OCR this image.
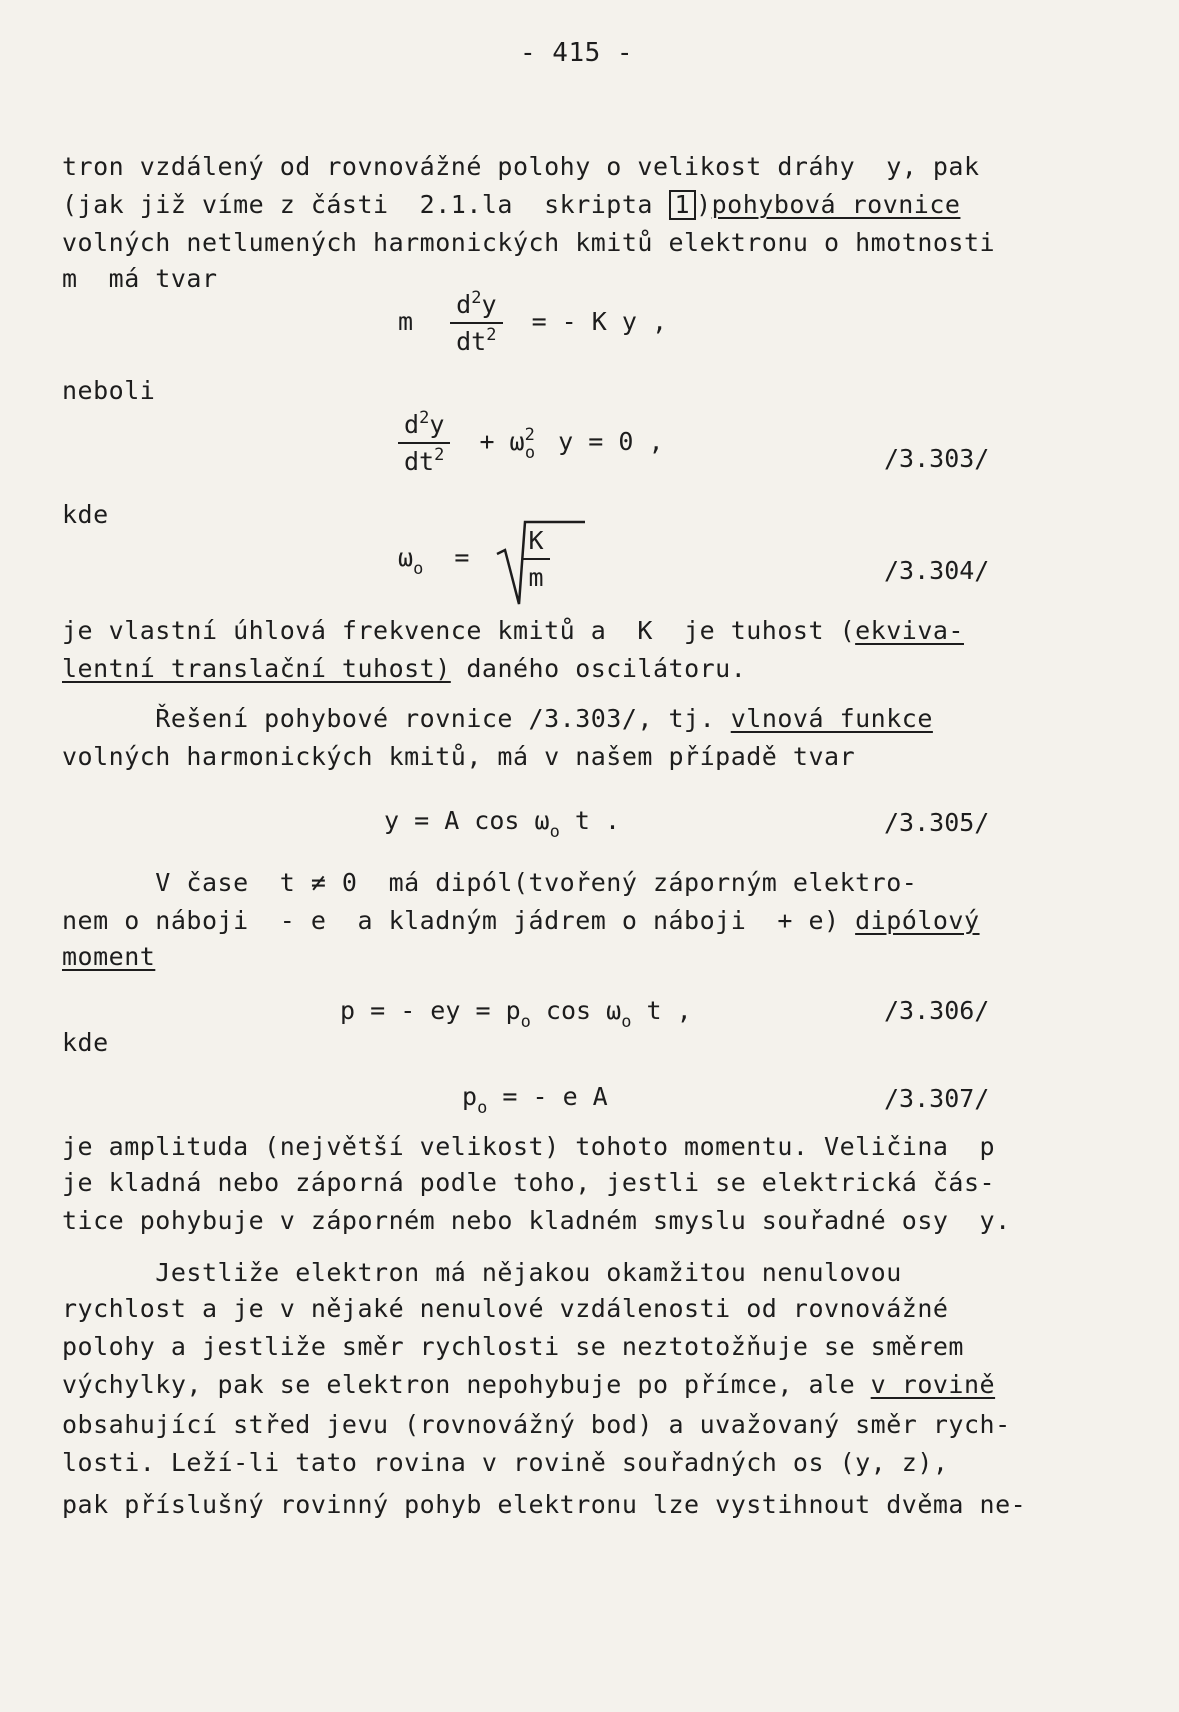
- 415 -
tron vzdálený od rovnovážné polohy o velikost dráhy  y, pak
(jak již víme z části  2.1.la  skripta 1 )pohybová rovnice
volných netlumených harmonických kmitů elektronu o hmotnosti
m  má tvar
m $\frac{d^2y}{dt^2}$ = - K y ,
neboli
$\frac{d^2y}{dt^2} + \omega^2_o$ y = 0 ,
/3.303/
kde
$\omega_o = \frac{K}{m}$	/3.304/
je vlastní úhlová frekvence kmitů a  K  je tuhost (ekviva-
lentní translační tuhost) daného oscilátoru.
Řešení pohybové rovnice /3.303/, tj. vlnová funkce
volných harmonických kmitů, má v našem případě tvar
y = A $\cos \omega_o$ t .	/3.305/
V čase  t ≠ 0  má dipól(tvořený záporným elektro-
nem o náboji  - e  a kladným jádrem o náboji  + e) dipólový
moment
p = - ey = $p_o$ $\cos \omega_o$ t ,	/3.306/
kde
$p_o$ = - e A	/3.307/
je amplituda (největší velikost) tohoto momentu. Veličina  p
je kladná nebo záporná podle toho, jestli se elektrická čás-
tice pohybuje v záporném nebo kladném smyslu souřadné osy  y.
Jestliže elektron má nějakou okamžitou nenulovou
rychlost a je v nějaké nenulové vzdálenosti od rovnovážné
polohy a jestliže směr rychlosti se neztotožňuje se směrem
výchylky, pak se elektron nepohybuje po přímce, ale v rovině
obsahující střed jevu (rovnovážný bod) a uvažovaný směr rych-
losti. Leží-li tato rovina v rovině souřadných os (y, z),
pak příslušný rovinný pohyb elektronu lze vystihnout dvěma ne-
